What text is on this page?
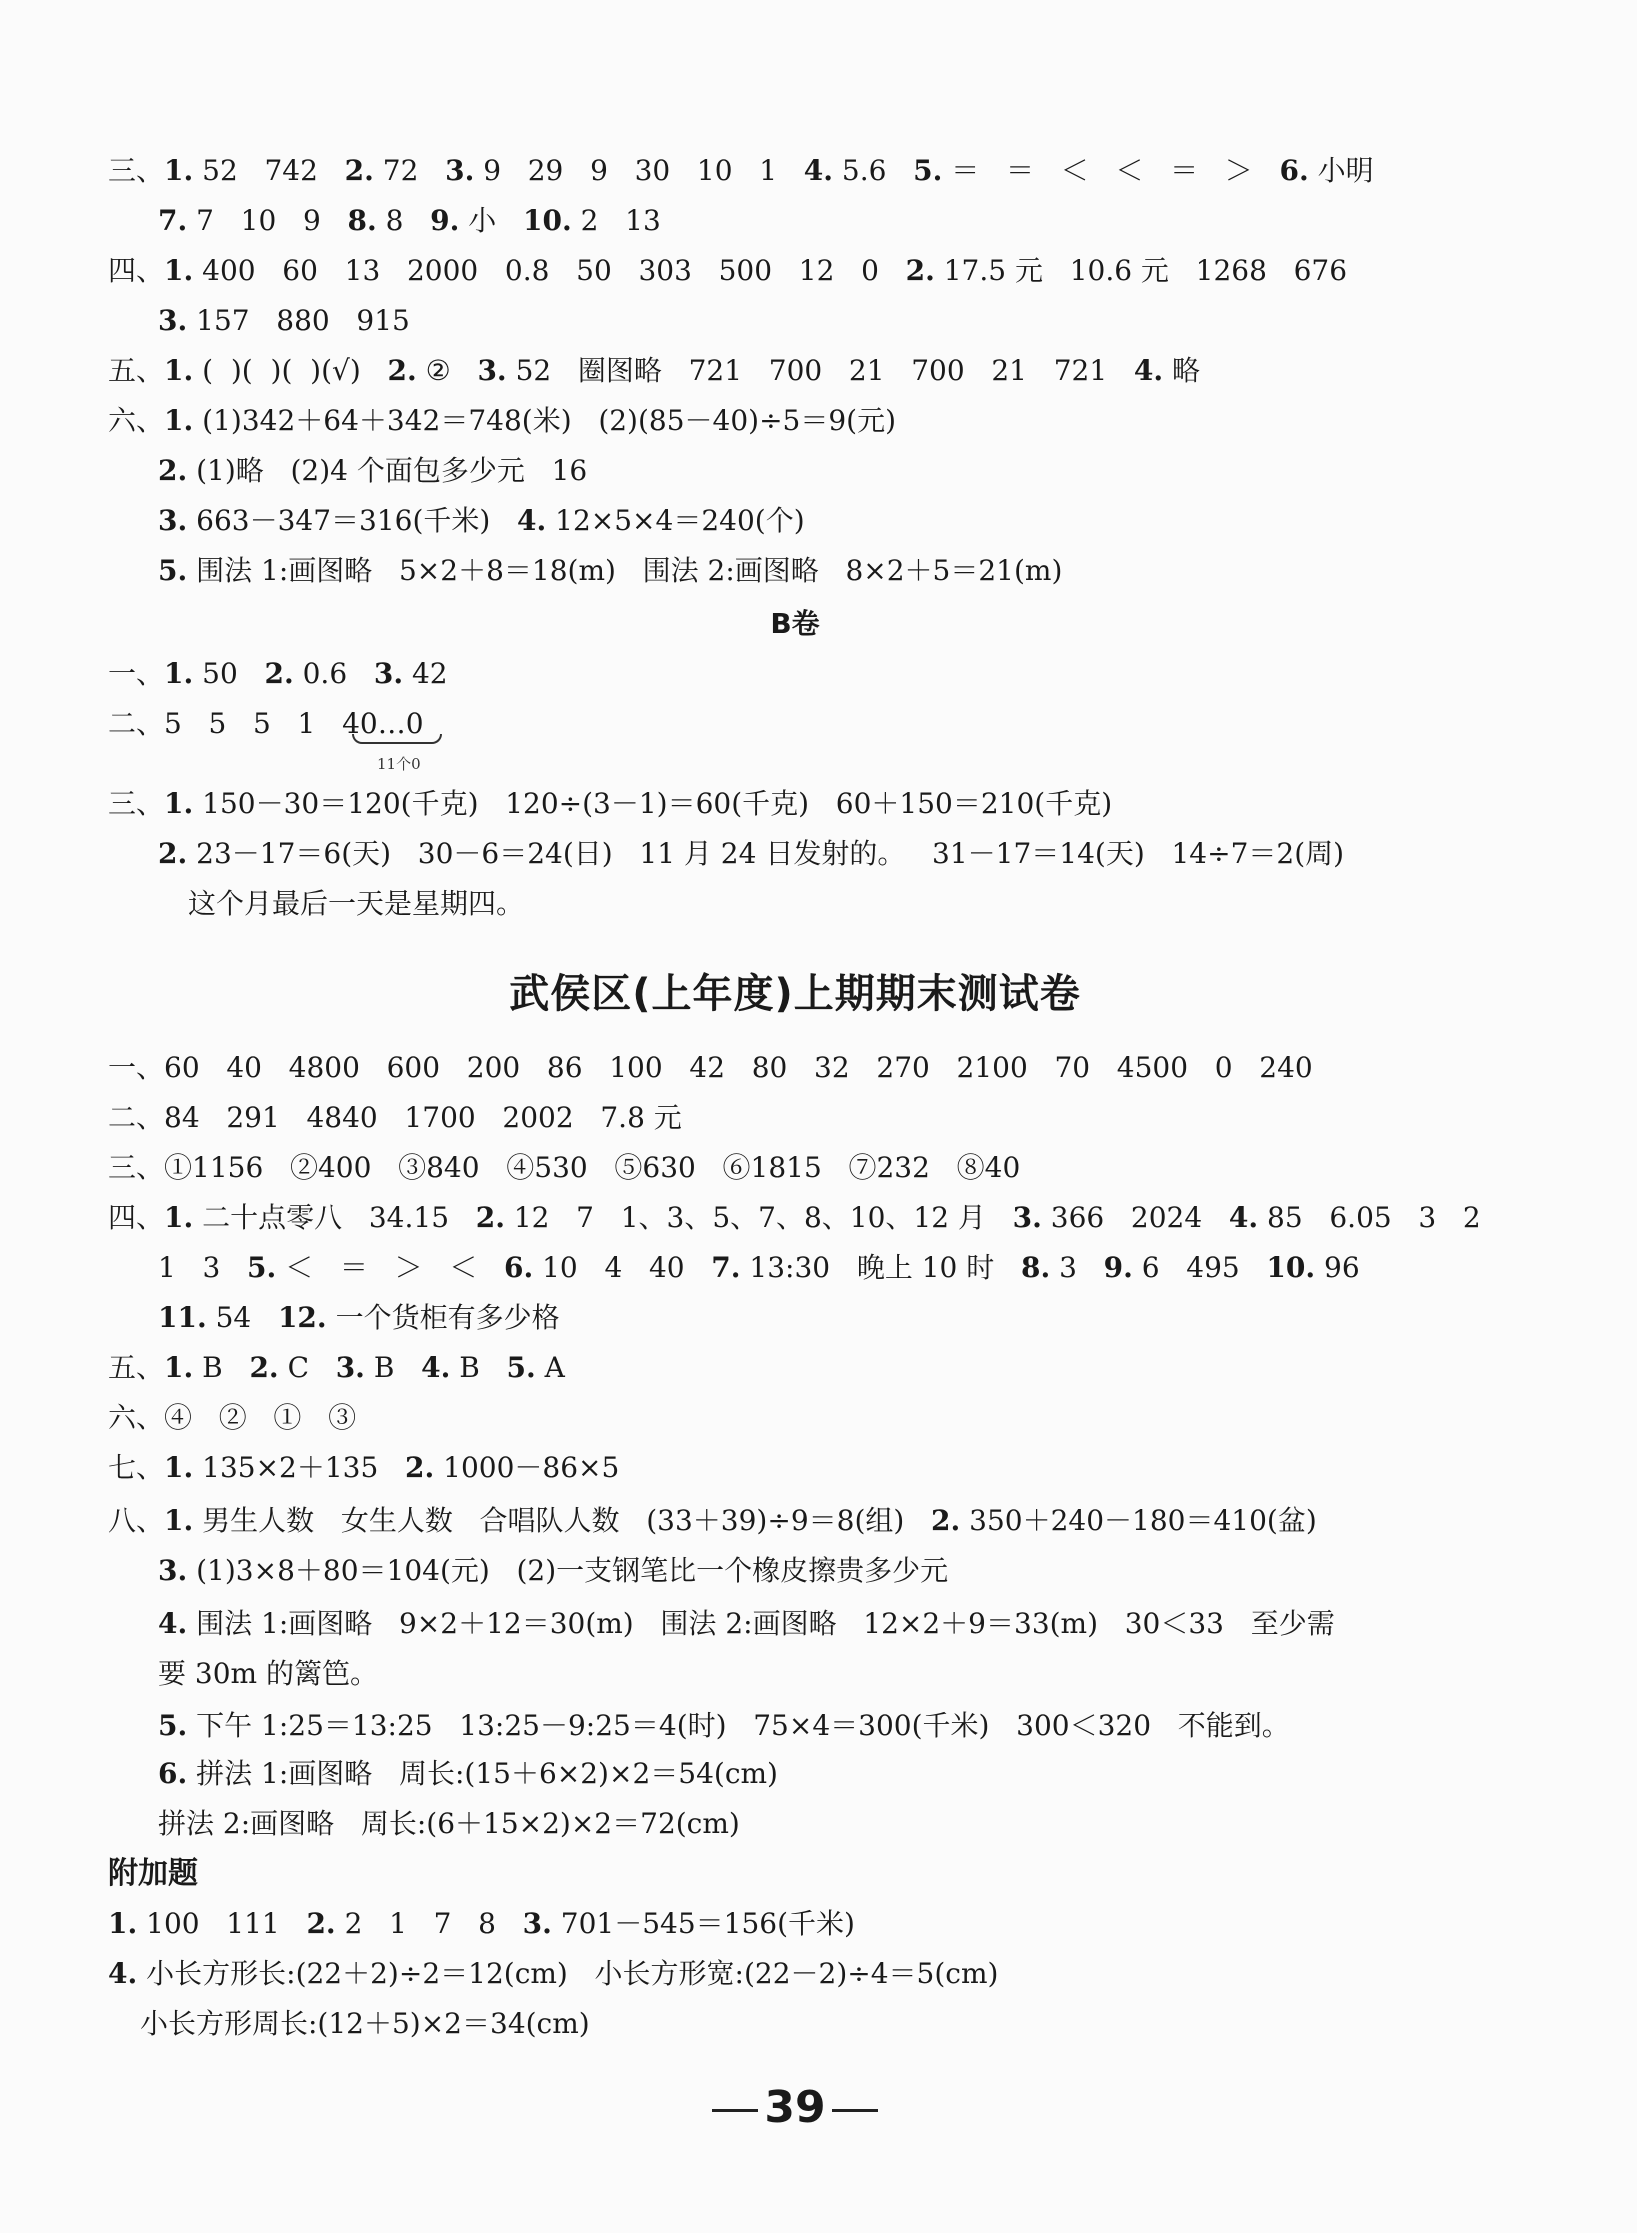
三、1. 52   742   2. 72   3. 9   29   9   30   10   1   4. 5.6   5. ＝   ＝   ＜   ＜   ＝   ＞   6. 小明
7. 7   10   9   8. 8   9. 小   10. 2   13
四、1. 400   60   13   2000   0.8   50   303   500   12   0   2. 17.5 元   10.6 元   1268   676
3. 157   880   915
五、1. (  )(  )(  )(√)   2. ②   3. 52   圈图略   721   700   21   700   21   721   4. 略
六、1. (1)342＋64＋342＝748(米)   (2)(85－40)÷5＝9(元)
2. (1)略   (2)4 个面包多少元   16
3. 663－347＝316(千米)   4. 12×5×4＝240(个)
5. 围法 1:画图略   5×2＋8＝18(m)   围法 2:画图略   8×2＋5＝21(m)
B卷
一、1. 50   2. 0.6   3. 42
二、5   5   5   1   40…0
11个0
三、1. 150－30＝120(千克)   120÷(3－1)＝60(千克)   60＋150＝210(千克)
2. 23－17＝6(天)   30－6＝24(日)   11 月 24 日发射的。   31－17＝14(天)   14÷7＝2(周)
这个月最后一天是星期四。
武侯区(上年度)上期期末测试卷
一、60   40   4800   600   200   86   100   42   80   32   270   2100   70   4500   0   240
二、84   291   4840   1700   2002   7.8 元
三、①1156   ②400   ③840   ④530   ⑤630   ⑥1815   ⑦232   ⑧40
四、1. 二十点零八   34.15   2. 12   7   1、3、5、7、8、10、12 月   3. 366   2024   4. 85   6.05   3   2
1   3   5. ＜   ＝   ＞   ＜   6. 10   4   40   7. 13:30   晚上 10 时   8. 3   9. 6   495   10. 96
11. 54   12. 一个货柜有多少格
五、1. B   2. C   3. B   4. B   5. A
六、④   ②   ①   ③
七、1. 135×2＋135   2. 1000－86×5
八、1. 男生人数   女生人数   合唱队人数   (33＋39)÷9＝8(组)   2. 350＋240－180＝410(盆)
3. (1)3×8＋80＝104(元)   (2)一支钢笔比一个橡皮擦贵多少元
4. 围法 1:画图略   9×2＋12＝30(m)   围法 2:画图略   12×2＋9＝33(m)   30＜33   至少需
要 30m 的篱笆。
5. 下午 1:25＝13:25   13:25－9:25＝4(时)   75×4＝300(千米)   300＜320   不能到。
6. 拼法 1:画图略   周长:(15＋6×2)×2＝54(cm)
拼法 2:画图略   周长:(6＋15×2)×2＝72(cm)
附加题
1. 100   111   2. 2   1   7   8   3. 701－545＝156(千米)
4. 小长方形长:(22＋2)÷2＝12(cm)   小长方形宽:(22－2)÷4＝5(cm)
小长方形周长:(12＋5)×2＝34(cm)
39
